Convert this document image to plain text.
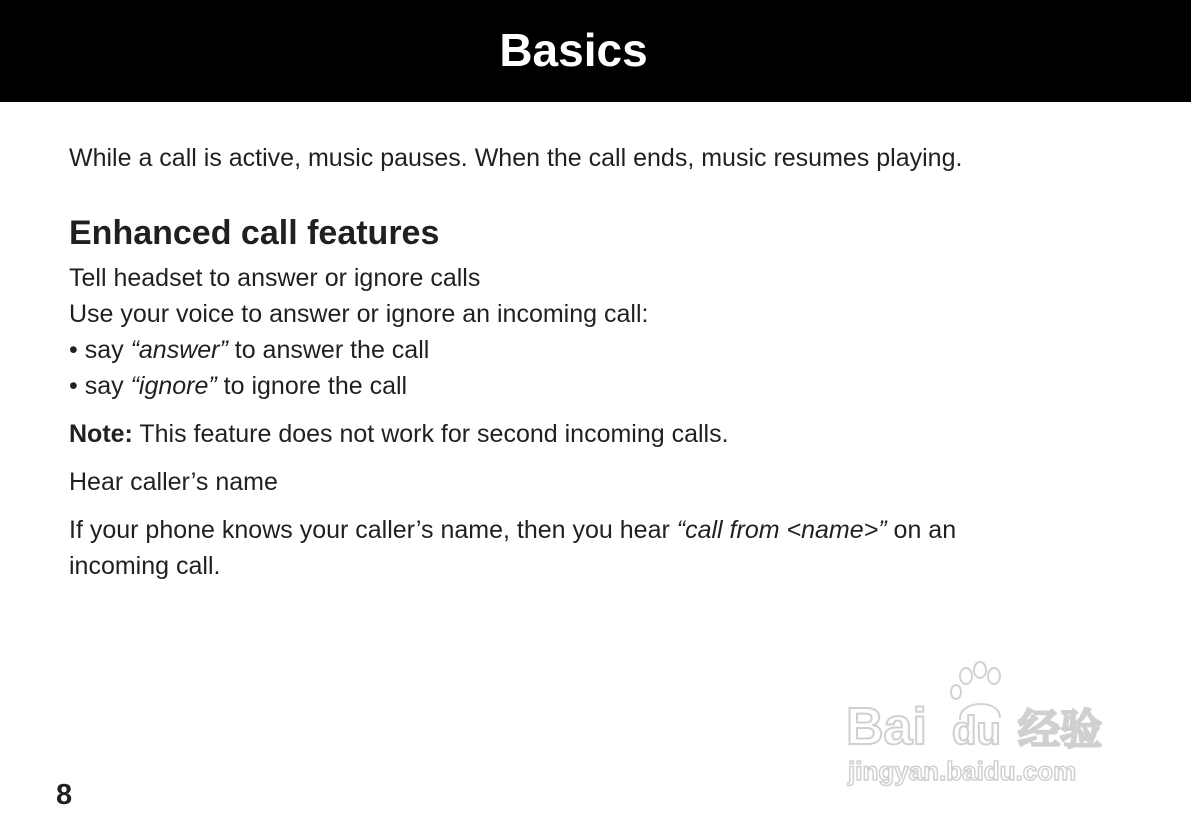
Basics
While a call is active, music pauses. When the call ends, music resumes playing.
Enhanced call features
Tell headset to answer or ignore calls
Use your voice to answer or ignore an incoming call:
• say “answer” to answer the call
• say “ignore” to ignore the call
Note: This feature does not work for second incoming calls.
Hear caller’s name
If your phone knows your caller’s name, then you hear “call from <name>” on an
incoming call.
8
Bai du 经验
jingyan.baidu.com
